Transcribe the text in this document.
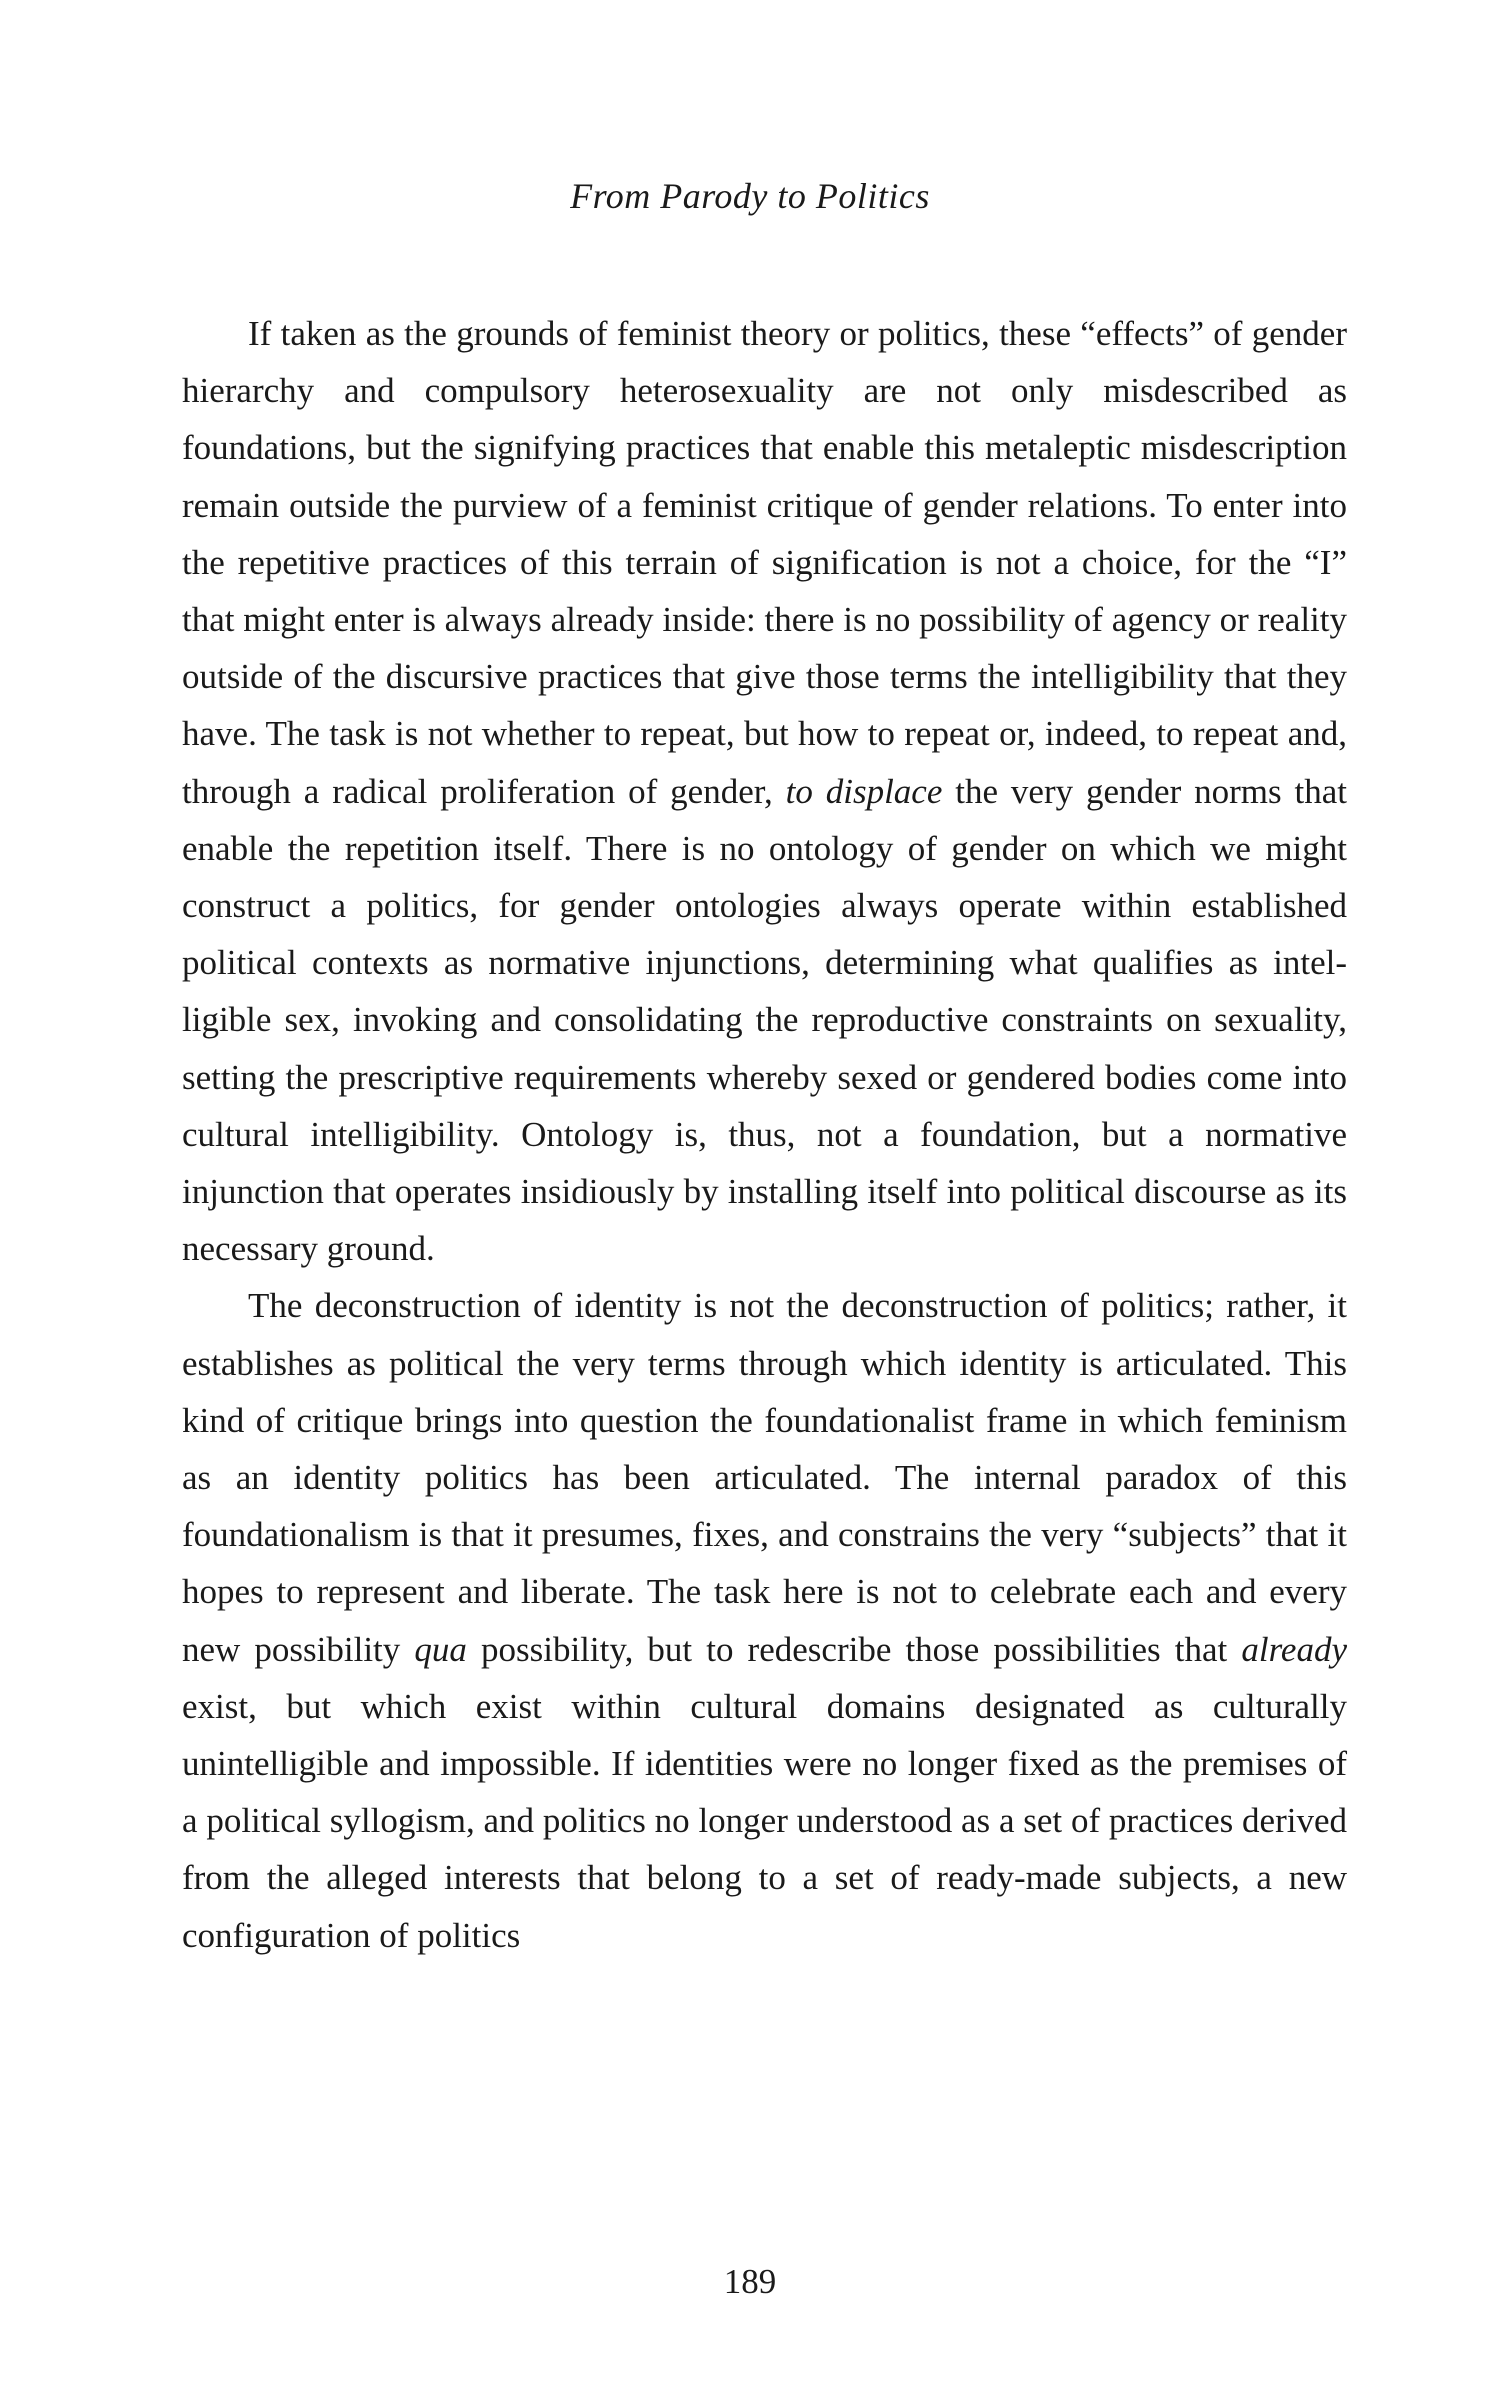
From Parody to Politics

If taken as the grounds of feminist theory or politics, these “effects” of gender hierarchy and compulsory heterosexuality are not only misdescribed as foundations, but the signifying practices that enable this metaleptic misdescription remain outside the purview of a feminist critique of gender relations. To enter into the repetitive practices of this terrain of signification is not a choice, for the “I” that might enter is always already inside: there is no possibility of agency or reality outside of the discursive practices that give those terms the intelligibility that they have. The task is not whether to repeat, but how to repeat or, indeed, to repeat and, through a radical proliferation of gender, to displace the very gender norms that enable the repetition itself. There is no ontology of gender on which we might construct a politics, for gender ontologies always operate within established political contexts as normative injunctions, determining what qualifies as intelligible sex, invoking and consolidating the reproductive constraints on sexuality, setting the prescriptive requirements whereby sexed or gendered bodies come into cultural intelligibility. Ontology is, thus, not a foundation, but a normative injunction that operates insidiously by installing itself into political discourse as its necessary ground.

The deconstruction of identity is not the deconstruction of politics; rather, it establishes as political the very terms through which identity is articulated. This kind of critique brings into question the foundationalist frame in which feminism as an identity politics has been articulated. The internal paradox of this foundationalism is that it presumes, fixes, and constrains the very “subjects” that it hopes to represent and liberate. The task here is not to celebrate each and every new possibility qua possibility, but to redescribe those possibilities that already exist, but which exist within cultural domains designated as culturally unintelligible and impossible. If identities were no longer fixed as the premises of a political syllogism, and politics no longer understood as a set of practices derived from the alleged interests that belong to a set of ready-made subjects, a new configuration of politics

189
